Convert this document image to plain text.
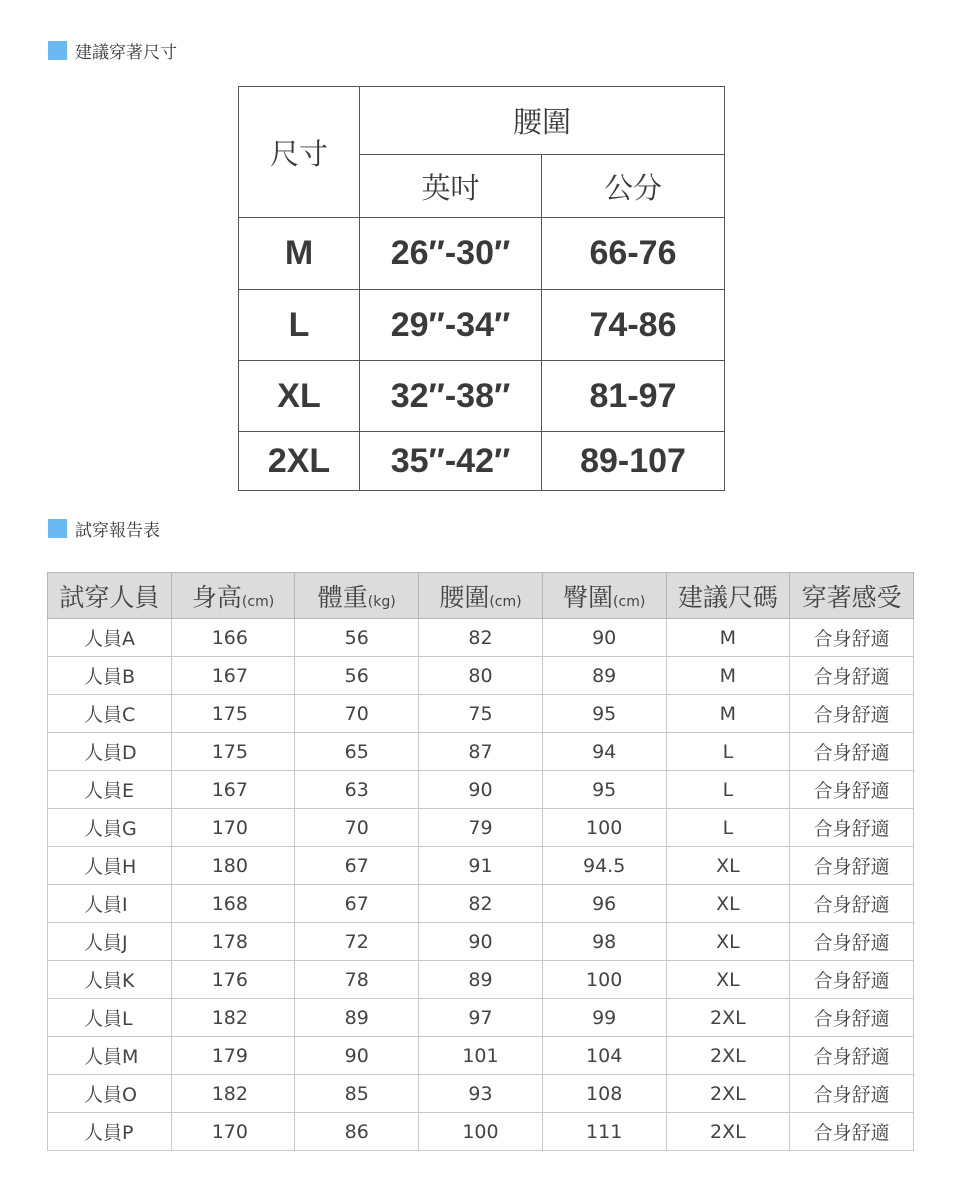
建議穿著尺寸
尺寸	腰圍	
	英吋	公分
M	26″-30″	66-76
L	29″-34″	74-86
XL	32″-38″	81-97
2XL	35″-42″	89-107
試穿報告表
試穿人員	身高(cm)	體重(kg)	腰圍(cm)	臀圍(cm)	建議尺碼	穿著感受
人員A	166	56	82	90	M	合身舒適
人員B	167	56	80	89	M	合身舒適
人員C	175	70	75	95	M	合身舒適
人員D	175	65	87	94	L	合身舒適
人員E	167	63	90	95	L	合身舒適
人員G	170	70	79	100	L	合身舒適
人員H	180	67	91	94.5	XL	合身舒適
人員I	168	67	82	96	XL	合身舒適
人員J	178	72	90	98	XL	合身舒適
人員K	176	78	89	100	XL	合身舒適
人員L	182	89	97	99	2XL	合身舒適
人員M	179	90	101	104	2XL	合身舒適
人員O	182	85	93	108	2XL	合身舒適
人員P	170	86	100	111	2XL	合身舒適
